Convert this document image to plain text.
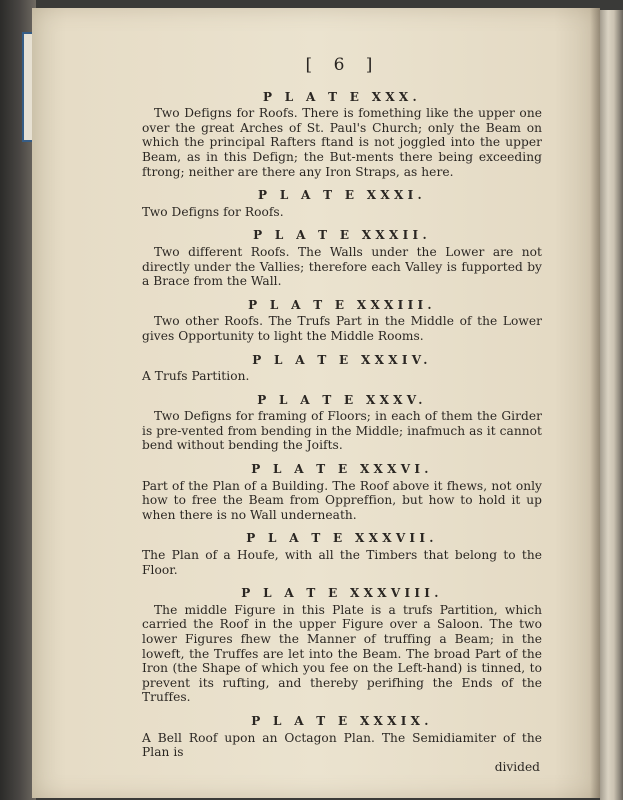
[ 6 ]
P L A T E XXX.

Two Defigns for Roofs. There is fomething like the upper one over the great Arches of St. Paul's Church; only the Beam on which the principal Rafters ftand is not joggled into the upper Beam, as in this Defign; the But-ments there being exceeding ftrong; neither are there any Iron Straps, as here.

P L A T E XXXI.

Two Defigns for Roofs.

P L A T E XXXII.

Two different Roofs. The Walls under the Lower are not directly under the Vallies; therefore each Valley is fupported by a Brace from the Wall.

P L A T E XXXIII.

Two other Roofs. The Trufs Part in the Middle of the Lower gives Opportunity to light the Middle Rooms.

P L A T E XXXIV.

A Trufs Partition.

P L A T E XXXV.

Two Defigns for framing of Floors; in each of them the Girder is pre-vented from bending in the Middle; inafmuch as it cannot bend without bending the Joifts.

P L A T E XXXVI.

Part of the Plan of a Building. The Roof above it fhews, not only how to free the Beam from Oppreffion, but how to hold it up when there is no Wall underneath.

P L A T E XXXVII.

The Plan of a Houfe, with all the Timbers that belong to the Floor.

P L A T E XXXVIII.

The middle Figure in this Plate is a trufs Partition, which carried the Roof in the upper Figure over a Saloon. The two lower Figures fhew the Manner of truffing a Beam; in the loweft, the Truffes are let into the Beam. The broad Part of the Iron (the Shape of which you fee on the Left-hand) is tinned, to prevent its rufting, and thereby perifhing the Ends of the Truffes.

P L A T E XXXIX.

A Bell Roof upon an Octagon Plan. The Semidiamiter of the Plan is

divided
